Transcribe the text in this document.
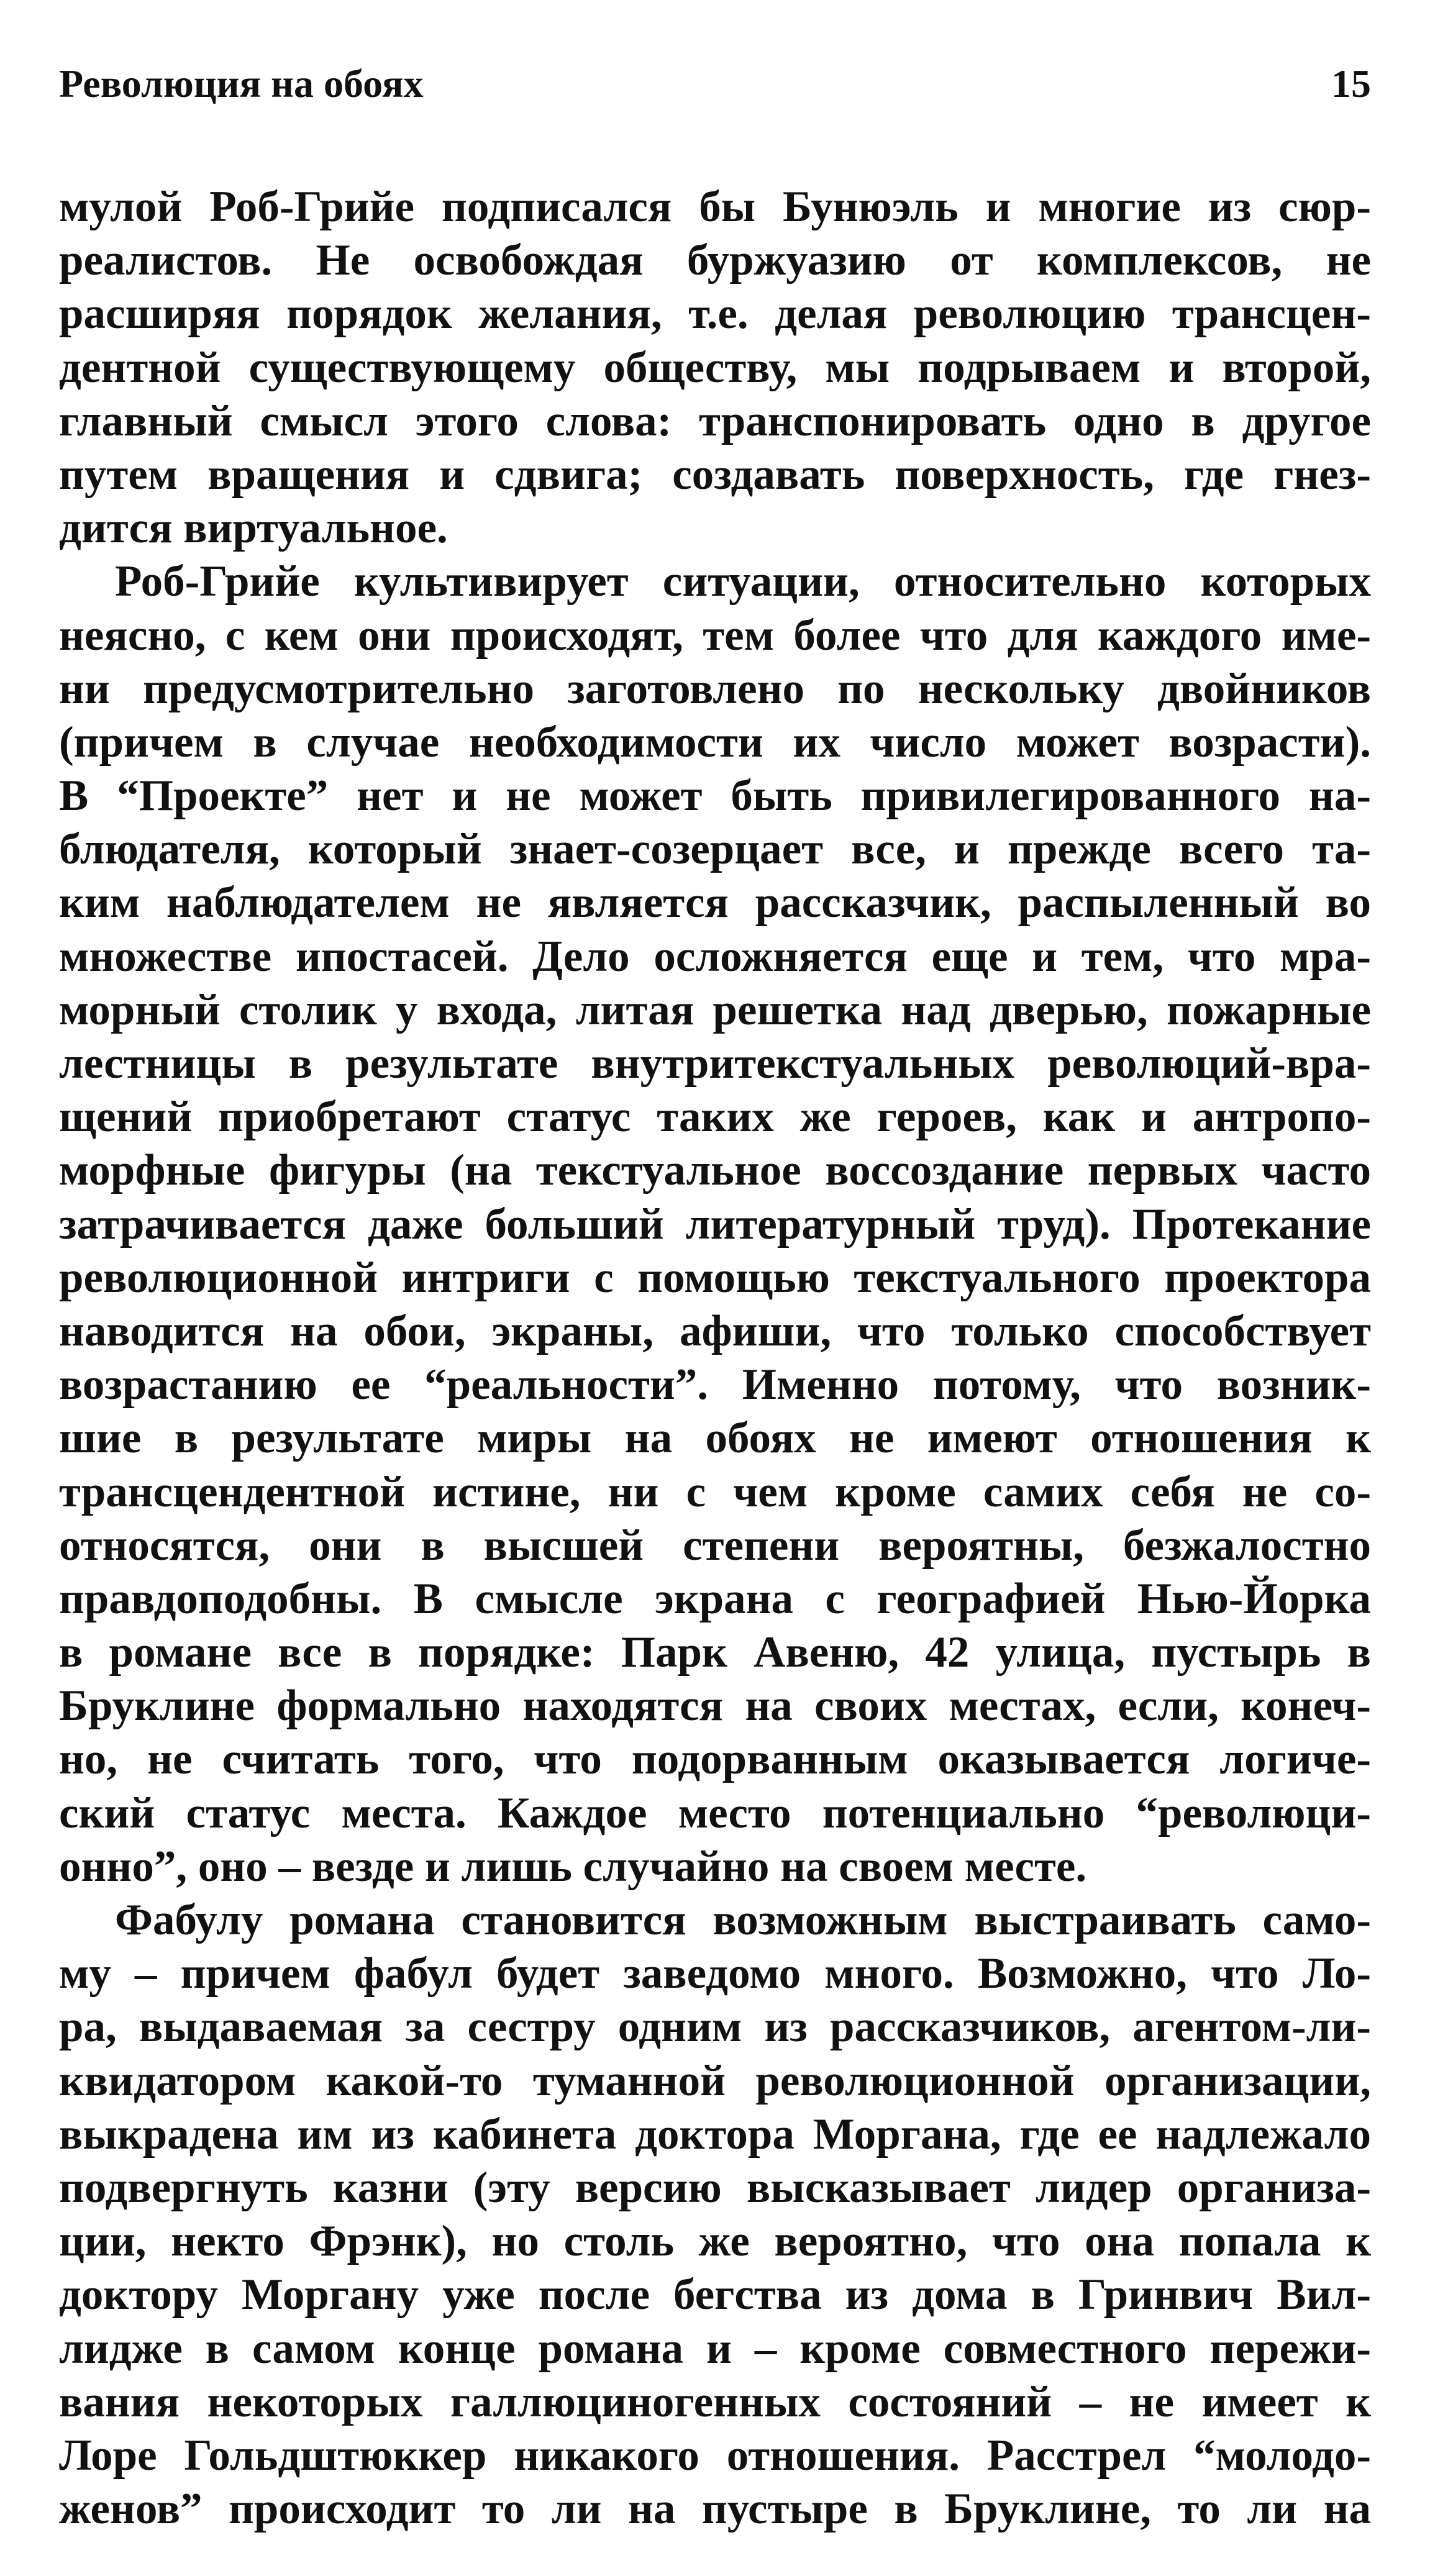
Революция на обоях	15
мулой Роб-Грийе подписался бы Бунюэль и многие из сюр-
реалистов. Не освобождая буржуазию от комплексов, не
расширяя порядок желания, т.е. делая революцию трансцен-
дентной существующему обществу, мы подрываем и второй,
главный смысл этого слова: транспонировать одно в другое
путем вращения и сдвига; создавать поверхность, где гнез-
дится виртуальное.
Роб-Грийе культивирует ситуации, относительно которых
неясно, с кем они происходят, тем более что для каждого име-
ни предусмотрительно заготовлено по нескольку двойников
(причем в случае необходимости их число может возрасти).
В “Проекте” нет и не может быть привилегированного на-
блюдателя, который знает-созерцает все, и прежде всего та-
ким наблюдателем не является рассказчик, распыленный во
множестве ипостасей. Дело осложняется еще и тем, что мра-
морный столик у входа, литая решетка над дверью, пожарные
лестницы в результате внутритекстуальных революций-вра-
щений приобретают статус таких же героев, как и антропо-
морфные фигуры (на текстуальное воссоздание первых часто
затрачивается даже больший литературный труд). Протекание
революционной интриги с помощью текстуального проектора
наводится на обои, экраны, афиши, что только способствует
возрастанию ее “реальности”. Именно потому, что возник-
шие в результате миры на обоях не имеют отношения к
трансцендентной истине, ни с чем кроме самих себя не со-
относятся, они в высшей степени вероятны, безжалостно
правдоподобны. В смысле экрана с географией Нью-Йорка
в романе все в порядке: Парк Авеню, 42 улица, пустырь в
Бруклине формально находятся на своих местах, если, конеч-
но, не считать того, что подорванным оказывается логиче-
ский статус места. Каждое место потенциально “революци-
онно”, оно – везде и лишь случайно на своем месте.
Фабулу романа становится возможным выстраивать само-
му – причем фабул будет заведомо много. Возможно, что Ло-
ра, выдаваемая за сестру одним из рассказчиков, агентом-ли-
квидатором какой-то туманной революционной организации,
выкрадена им из кабинета доктора Моргана, где ее надлежало
подвергнуть казни (эту версию высказывает лидер организа-
ции, некто Фрэнк), но столь же вероятно, что она попала к
доктору Моргану уже после бегства из дома в Гринвич Вил-
лидже в самом конце романа и – кроме совместного пережи-
вания некоторых галлюциногенных состояний – не имеет к
Лоре Гольдштюккер никакого отношения. Расстрел “молодо-
женов” происходит то ли на пустыре в Бруклине, то ли на
